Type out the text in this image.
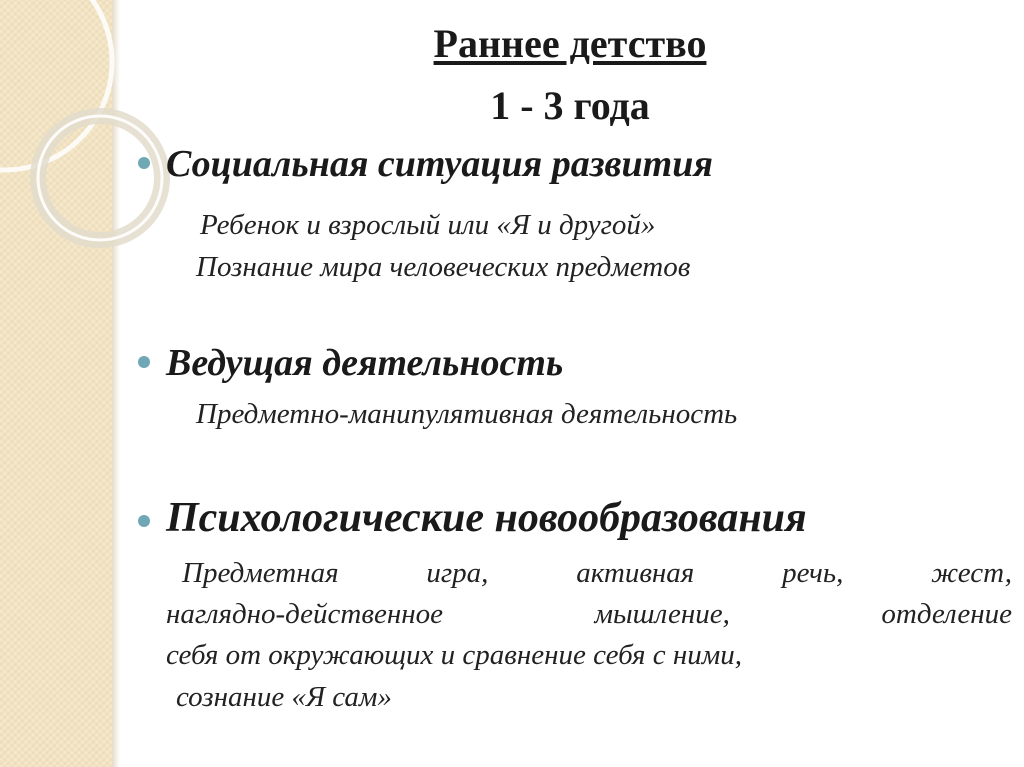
Раннее детство
1 - 3 года
Социальная ситуация развития
Ребенок и взрослый или «Я и другой»
Познание мира человеческих предметов
Ведущая деятельность
Предметно-манипулятивная деятельность
Психологические новообразования
Предметная игра, активная речь, жест,
наглядно-действенное мышление, отделение
себя от окружающих и сравнение себя с ними,
сознание «Я сам»
